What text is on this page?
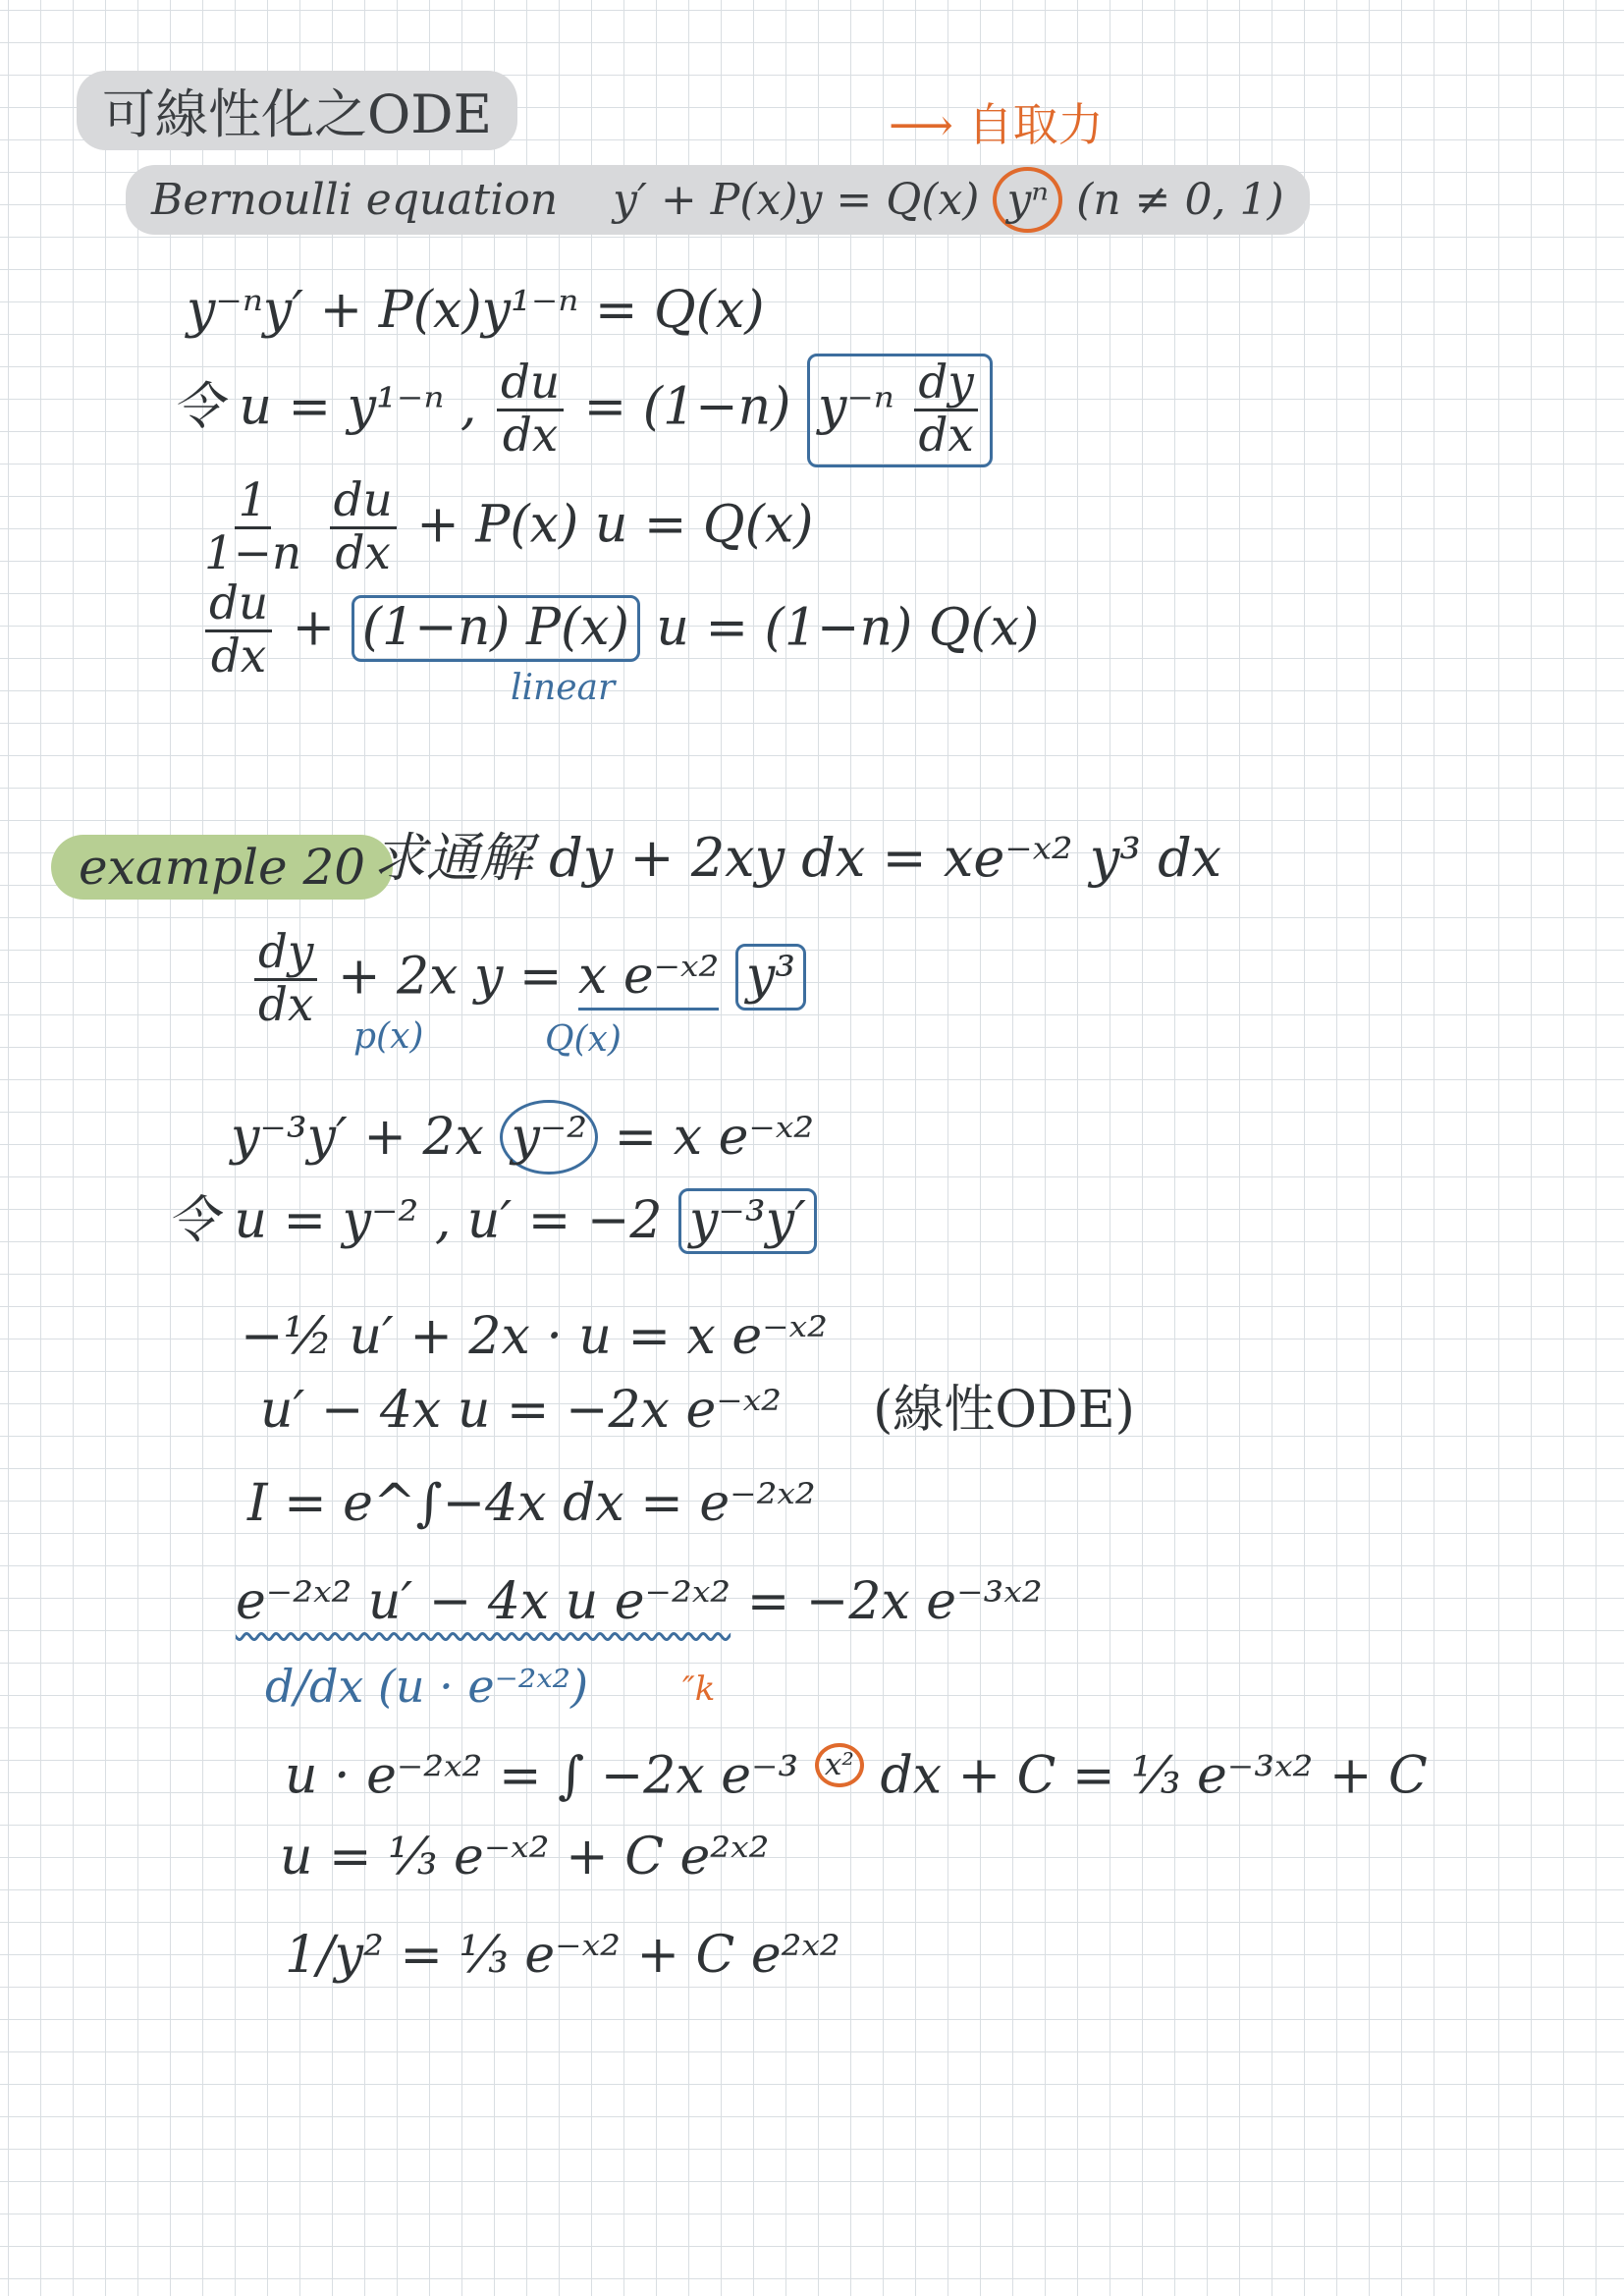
可線性化之ODE	⟶ 自取力
Bernoulli equation y′ + P(x)y = Q(x) yⁿ (n ≠ 0, 1)
y⁻ⁿy′ + P(x)y¹⁻ⁿ = Q(x)
令 u = y¹⁻ⁿ , $\frac{du}{dx} = (1-n)$ $y^{-n} \frac{dy}{dx}$
$\frac{1}{1-n}$
$\frac{du}{dx} + P(x) u = Q(x)$
$\frac{du}{dx} + (1-n)$ P(x) u = (1−n) Q(x)
linear
example 20 求通解 dy + 2xy dx = xe⁻ˣ² y³ dx
$\frac{dy}{dx} + 2x$ y = x e⁻ˣ² y³
p(x)	Q(x)
y⁻³y′ + 2x y⁻² = x e⁻ˣ²
令 u = y⁻² , u′ = −2 y⁻³y′
−½ u′ + 2x · u = x e⁻ˣ²
u′ − 4x u = −2x e⁻ˣ² (線性ODE)
I = e^∫−4x dx = e⁻²ˣ²
e⁻²ˣ² u′ − 4x u e⁻²ˣ² = −2x e⁻³ˣ²
d/dx (u · e⁻²ˣ²)
u · e⁻²ˣ² = ∫ −2x e⁻³ x² dx + C = ⅓ e⁻³ˣ² + C
″k
u = ⅓ e⁻ˣ² + C e²ˣ²
1/y² = ⅓ e⁻ˣ² + C e²ˣ²
